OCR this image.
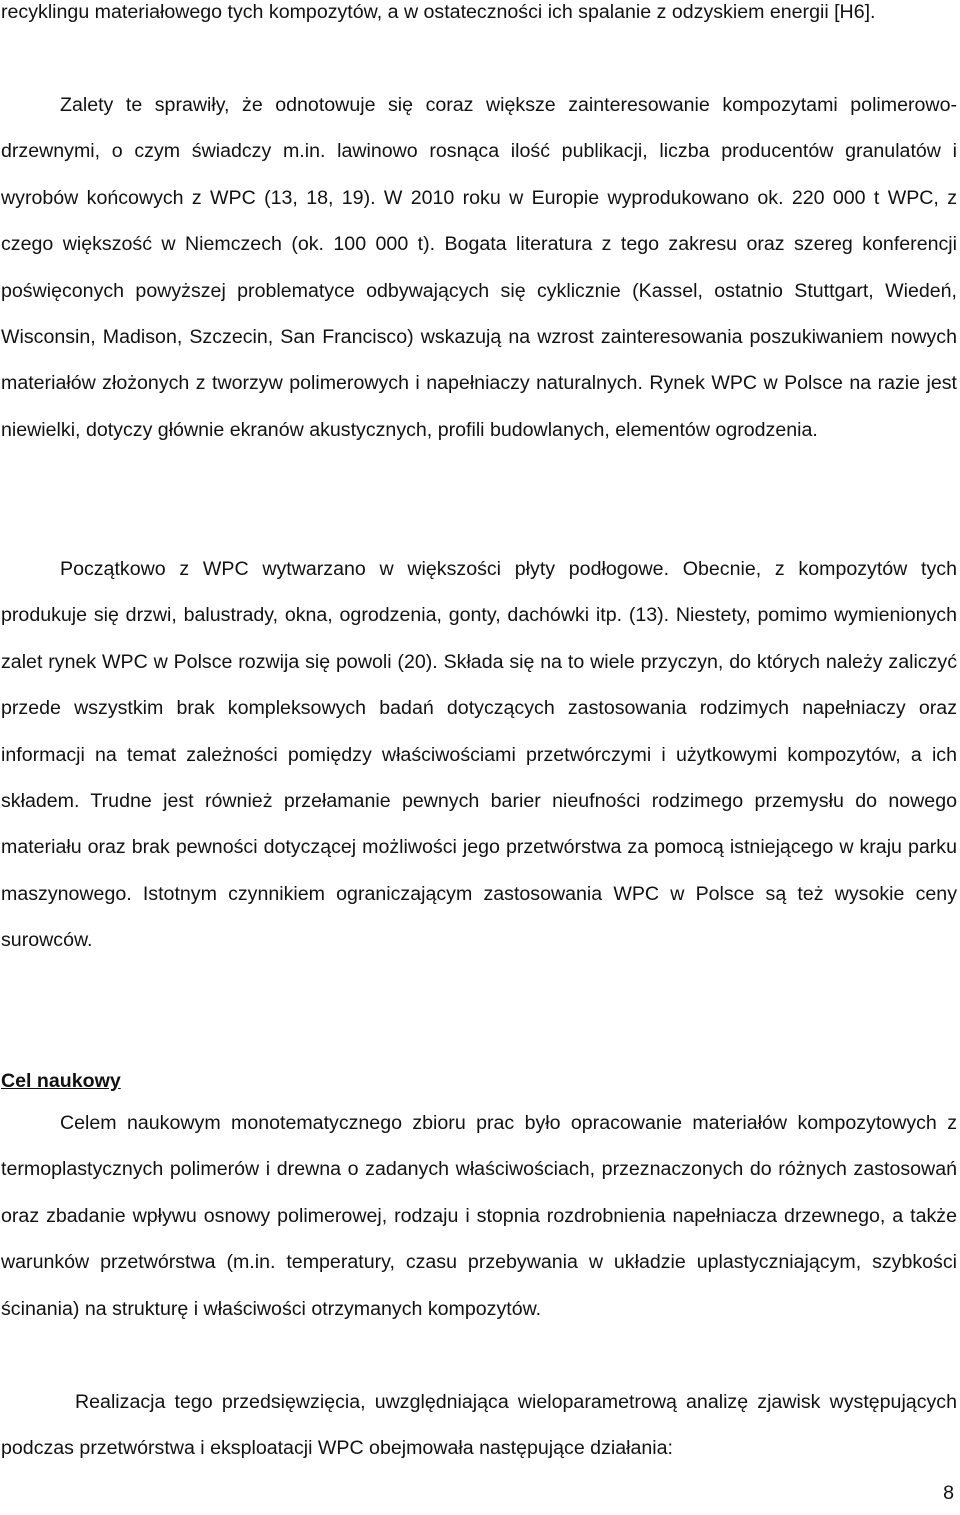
recyklingu materiałowego tych kompozytów, a w ostateczności ich spalanie z odzyskiem energii [H6].

Zalety te sprawiły, że odnotowuje się coraz większe zainteresowanie kompozytami polimerowo-drzewnymi, o czym świadczy m.in. lawinowo rosnąca ilość publikacji, liczba producentów granulatów i wyrobów końcowych z WPC (13, 18, 19). W 2010 roku w Europie wyprodukowano ok. 220 000 t WPC, z czego większość w Niemczech (ok. 100 000 t). Bogata literatura z tego zakresu oraz szereg konferencji poświęconych powyższej problematyce odbywających się cyklicznie (Kassel, ostatnio Stuttgart, Wiedeń, Wisconsin, Madison, Szczecin, San Francisco) wskazują na wzrost zainteresowania poszukiwaniem nowych materiałów złożonych z tworzyw polimerowych i napełniaczy naturalnych. Rynek WPC w Polsce na razie jest niewielki, dotyczy głównie ekranów akustycznych, profili budowlanych, elementów ogrodzenia.

Początkowo z WPC wytwarzano w większości płyty podłogowe. Obecnie, z kompozytów tych produkuje się drzwi, balustrady, okna, ogrodzenia, gonty, dachówki itp. (13). Niestety, pomimo wymienionych zalet rynek WPC w Polsce rozwija się powoli (20). Składa się na to wiele przyczyn, do których należy zaliczyć przede wszystkim brak kompleksowych badań dotyczących zastosowania rodzimych napełniaczy oraz informacji na temat zależności pomiędzy właściwościami przetwórczymi i użytkowymi kompozytów, a ich składem. Trudne jest również przełamanie pewnych barier nieufności rodzimego przemysłu do nowego materiału oraz brak pewności dotyczącej możliwości jego przetwórstwa za pomocą istniejącego w kraju parku maszynowego. Istotnym czynnikiem ograniczającym zastosowania WPC w Polsce są też wysokie ceny surowców.

Cel naukowy

Celem naukowym monotematycznego zbioru prac było opracowanie materiałów kompozytowych z termoplastycznych polimerów i drewna o zadanych właściwościach, przeznaczonych do różnych zastosowań oraz zbadanie wpływu osnowy polimerowej, rodzaju i stopnia rozdrobnienia napełniacza drzewnego, a także warunków przetwórstwa (m.in. temperatury, czasu przebywania w układzie uplastyczniającym, szybkości ścinania) na strukturę i właściwości otrzymanych kompozytów.

Realizacja tego przedsięwzięcia, uwzględniająca wieloparametrową analizę zjawisk występujących podczas przetwórstwa i eksploatacji WPC obejmowała następujące działania:

8
